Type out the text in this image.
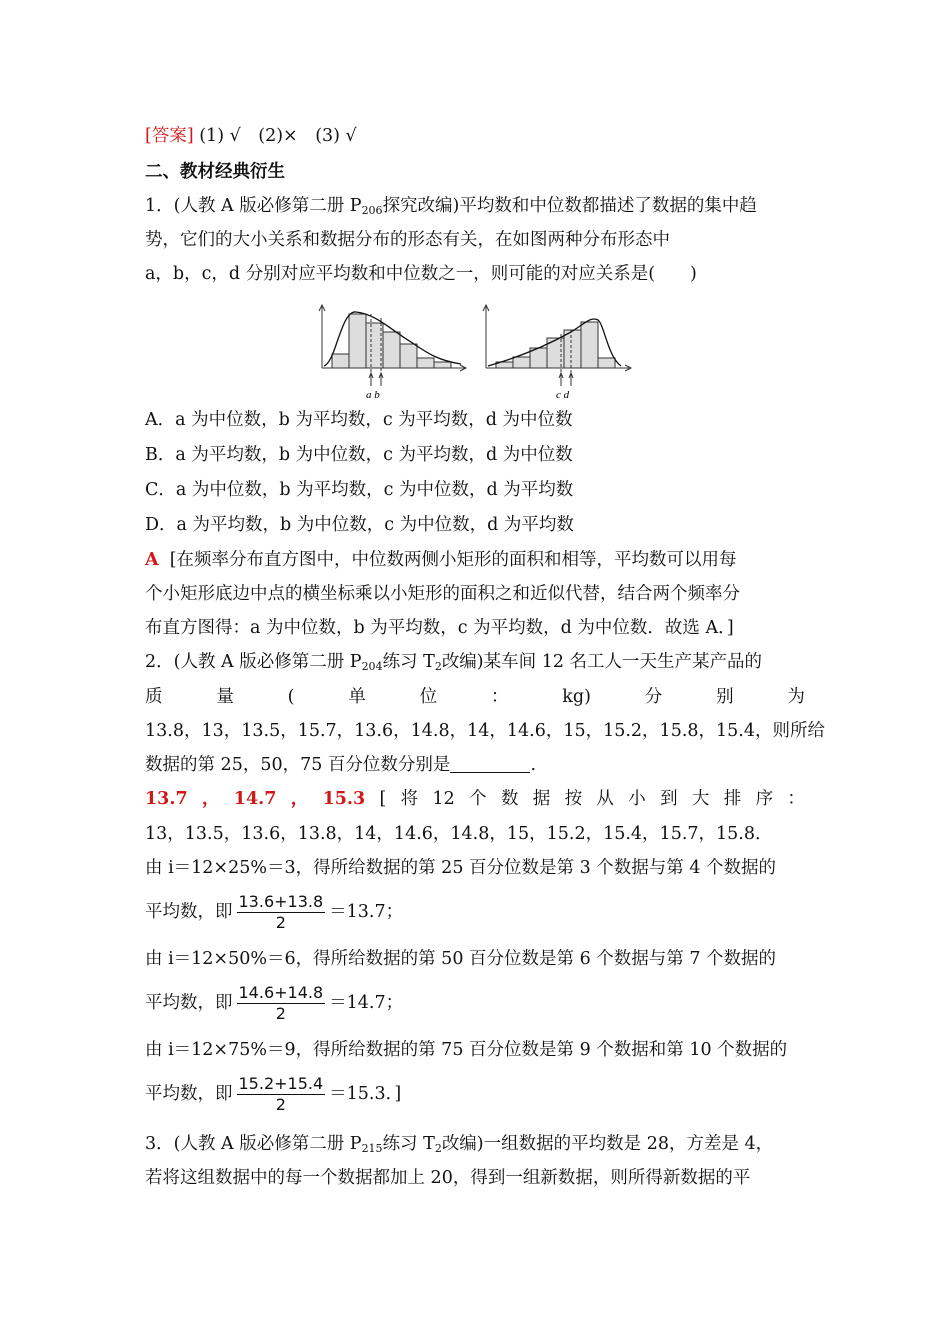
[答案] (1) √　(2)×　(3) √
二、教材经典衍生
1．(人教 A 版必修第二册 $P_{206}$探究改编)平均数和中位数都描述了数据的集中趋
势，它们的大小关系和数据分布的形态有关，在如图两种分布形态中
a，b，c，d 分别对应平均数和中位数之一，则可能的对应关系是(　　)
a b	c d
A．a 为中位数，b 为平均数，c 为平均数，d 为中位数
B．a 为平均数，b 为中位数，c 为平均数，d 为中位数
C．a 为中位数，b 为平均数，c 为中位数，d 为平均数
D．a 为平均数，b 为中位数，c 为中位数，d 为平均数
A [在频率分布直方图中，中位数两侧小矩形的面积和相等，平均数可以用每
个小矩形底边中点的横坐标乘以小矩形的面积之和近似代替，结合两个频率分
布直方图得：a 为中位数，b 为平均数，c 为平均数，d 为中位数．故选 A．]
2．(人教 A 版必修第二册 $P_{204}$练习 $T_2$改编)某车间 12 名工人一天生产某产品的
质	量	(	单	位	：	kg)	分	别	为
13.8，13，13.5，15.7，13.6，14.8，14，14.6，15，15.2，15.8，15.4，则所给
数据的第 25，50，75 百分位数分别是	.
13.7 ， 14.7 ， 15.3 [ 将 12 个 数 据 按 从 小 到 大 排 序 ：
13，13.5，13.6，13.8，14，14.6，14.8，15，15.2，15.4，15.7，15.8．
由 i＝12×25%＝3，得所给数据的第 25 百分位数是第 3 个数据与第 4 个数据的
平均数，即 $\frac{13.6+13.8}{2} =13.7$；
由 i＝12×50%＝6，得所给数据的第 50 百分位数是第 6 个数据与第 7 个数据的
平均数，即 $\frac{14.6+14.8}{2} =14.7$；
由 i＝12×75%＝9，得所给数据的第 75 百分位数是第 9 个数据和第 10 个数据的
平均数，即 $\frac{15.2+15.4}{2} =15.3$．]
3．(人教 A 版必修第二册 $P_{215}$练习 $T_2$改编)一组数据的平均数是 28，方差是 4，
若将这组数据中的每一个数据都加上 20，得到一组新数据，则所得新数据的平
